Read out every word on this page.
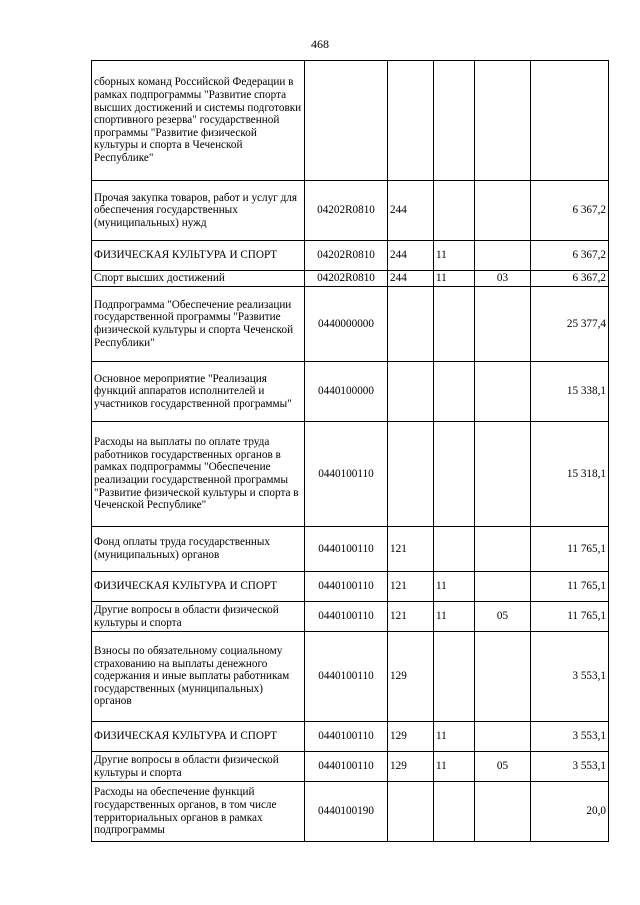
468
сборных команд Российской Федерации в рамках подпрограммы "Развитие спорта высших достижений и системы подготовки спортивного резерва" государственной программы "Развитие физической культуры и спорта в Чеченской Республике"					
Прочая закупка товаров, работ и услуг для обеспечения государственных (муниципальных) нужд	04202R0810	244			6 367,2
ФИЗИЧЕСКАЯ КУЛЬТУРА И СПОРТ	04202R0810	244	11		6 367,2
Спорт высших достижений	04202R0810	244	11	03	6 367,2
Подпрограмма "Обеспечение реализации государственной программы "Развитие физической культуры и спорта Чеченской Республики"	0440000000				25 377,4
Основное мероприятие "Реализация функций аппаратов исполнителей и участников государственной программы"	0440100000				15 338,1
Расходы на выплаты по оплате труда работников государственных органов в рамках подпрограммы "Обеспечение реализации государственной программы "Развитие физической культуры и спорта в Чеченской Республике"	0440100110				15 318,1
Фонд оплаты труда государственных (муниципальных) органов	0440100110	121			11 765,1
ФИЗИЧЕСКАЯ КУЛЬТУРА И СПОРТ	0440100110	121	11		11 765,1
Другие вопросы в области физической культуры и спорта	0440100110	121	11	05	11 765,1
Взносы по обязательному социальному страхованию на выплаты денежного содержания и иные выплаты работникам государственных (муниципальных) органов	0440100110	129			3 553,1
ФИЗИЧЕСКАЯ КУЛЬТУРА И СПОРТ	0440100110	129	11		3 553,1
Другие вопросы в области физической культуры и спорта	0440100110	129	11	05	3 553,1
Расходы на обеспечение функций государственных органов, в том числе территориальных органов в рамках подпрограммы	0440100190				20,0
